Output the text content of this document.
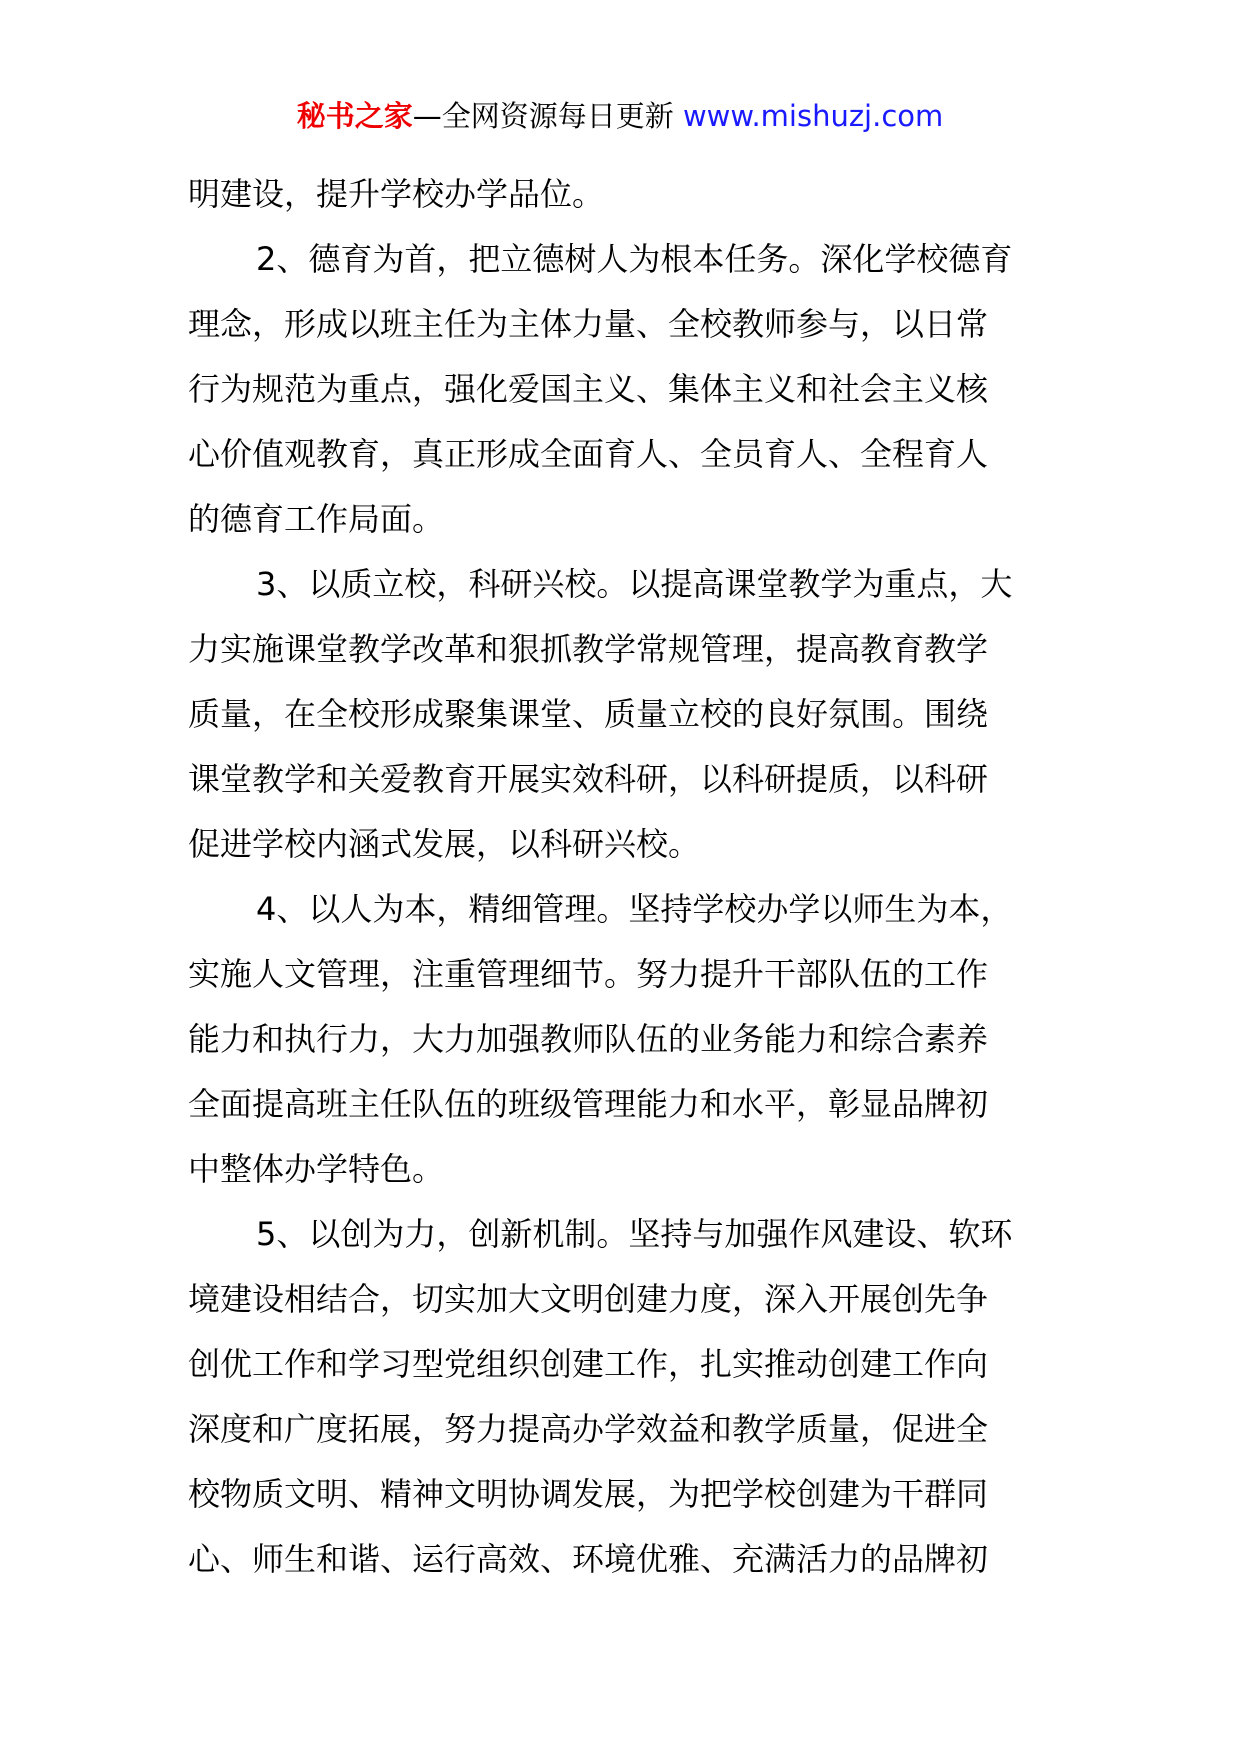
秘书之家—全网资源每日更新 www.mishuzj.com
明建设，提升学校办学品位。
2、德育为首，把立德树人为根本任务。深化学校德育
理念，形成以班主任为主体力量、全校教师参与，以日常
行为规范为重点，强化爱国主义、集体主义和社会主义核
心价值观教育，真正形成全面育人、全员育人、全程育人
的德育工作局面。
3、以质立校，科研兴校。以提高课堂教学为重点，大
力实施课堂教学改革和狠抓教学常规管理，提高教育教学
质量，在全校形成聚集课堂、质量立校的良好氛围。围绕
课堂教学和关爱教育开展实效科研，以科研提质，以科研
促进学校内涵式发展，以科研兴校。
4、以人为本，精细管理。坚持学校办学以师生为本，
实施人文管理，注重管理细节。努力提升干部队伍的工作
能力和执行力，大力加强教师队伍的业务能力和综合素养
全面提高班主任队伍的班级管理能力和水平，彰显品牌初
中整体办学特色。
5、以创为力，创新机制。坚持与加强作风建设、软环
境建设相结合，切实加大文明创建力度，深入开展创先争
创优工作和学习型党组织创建工作，扎实推动创建工作向
深度和广度拓展，努力提高办学效益和教学质量，促进全
校物质文明、精神文明协调发展，为把学校创建为干群同
心、师生和谐、运行高效、环境优雅、充满活力的品牌初
